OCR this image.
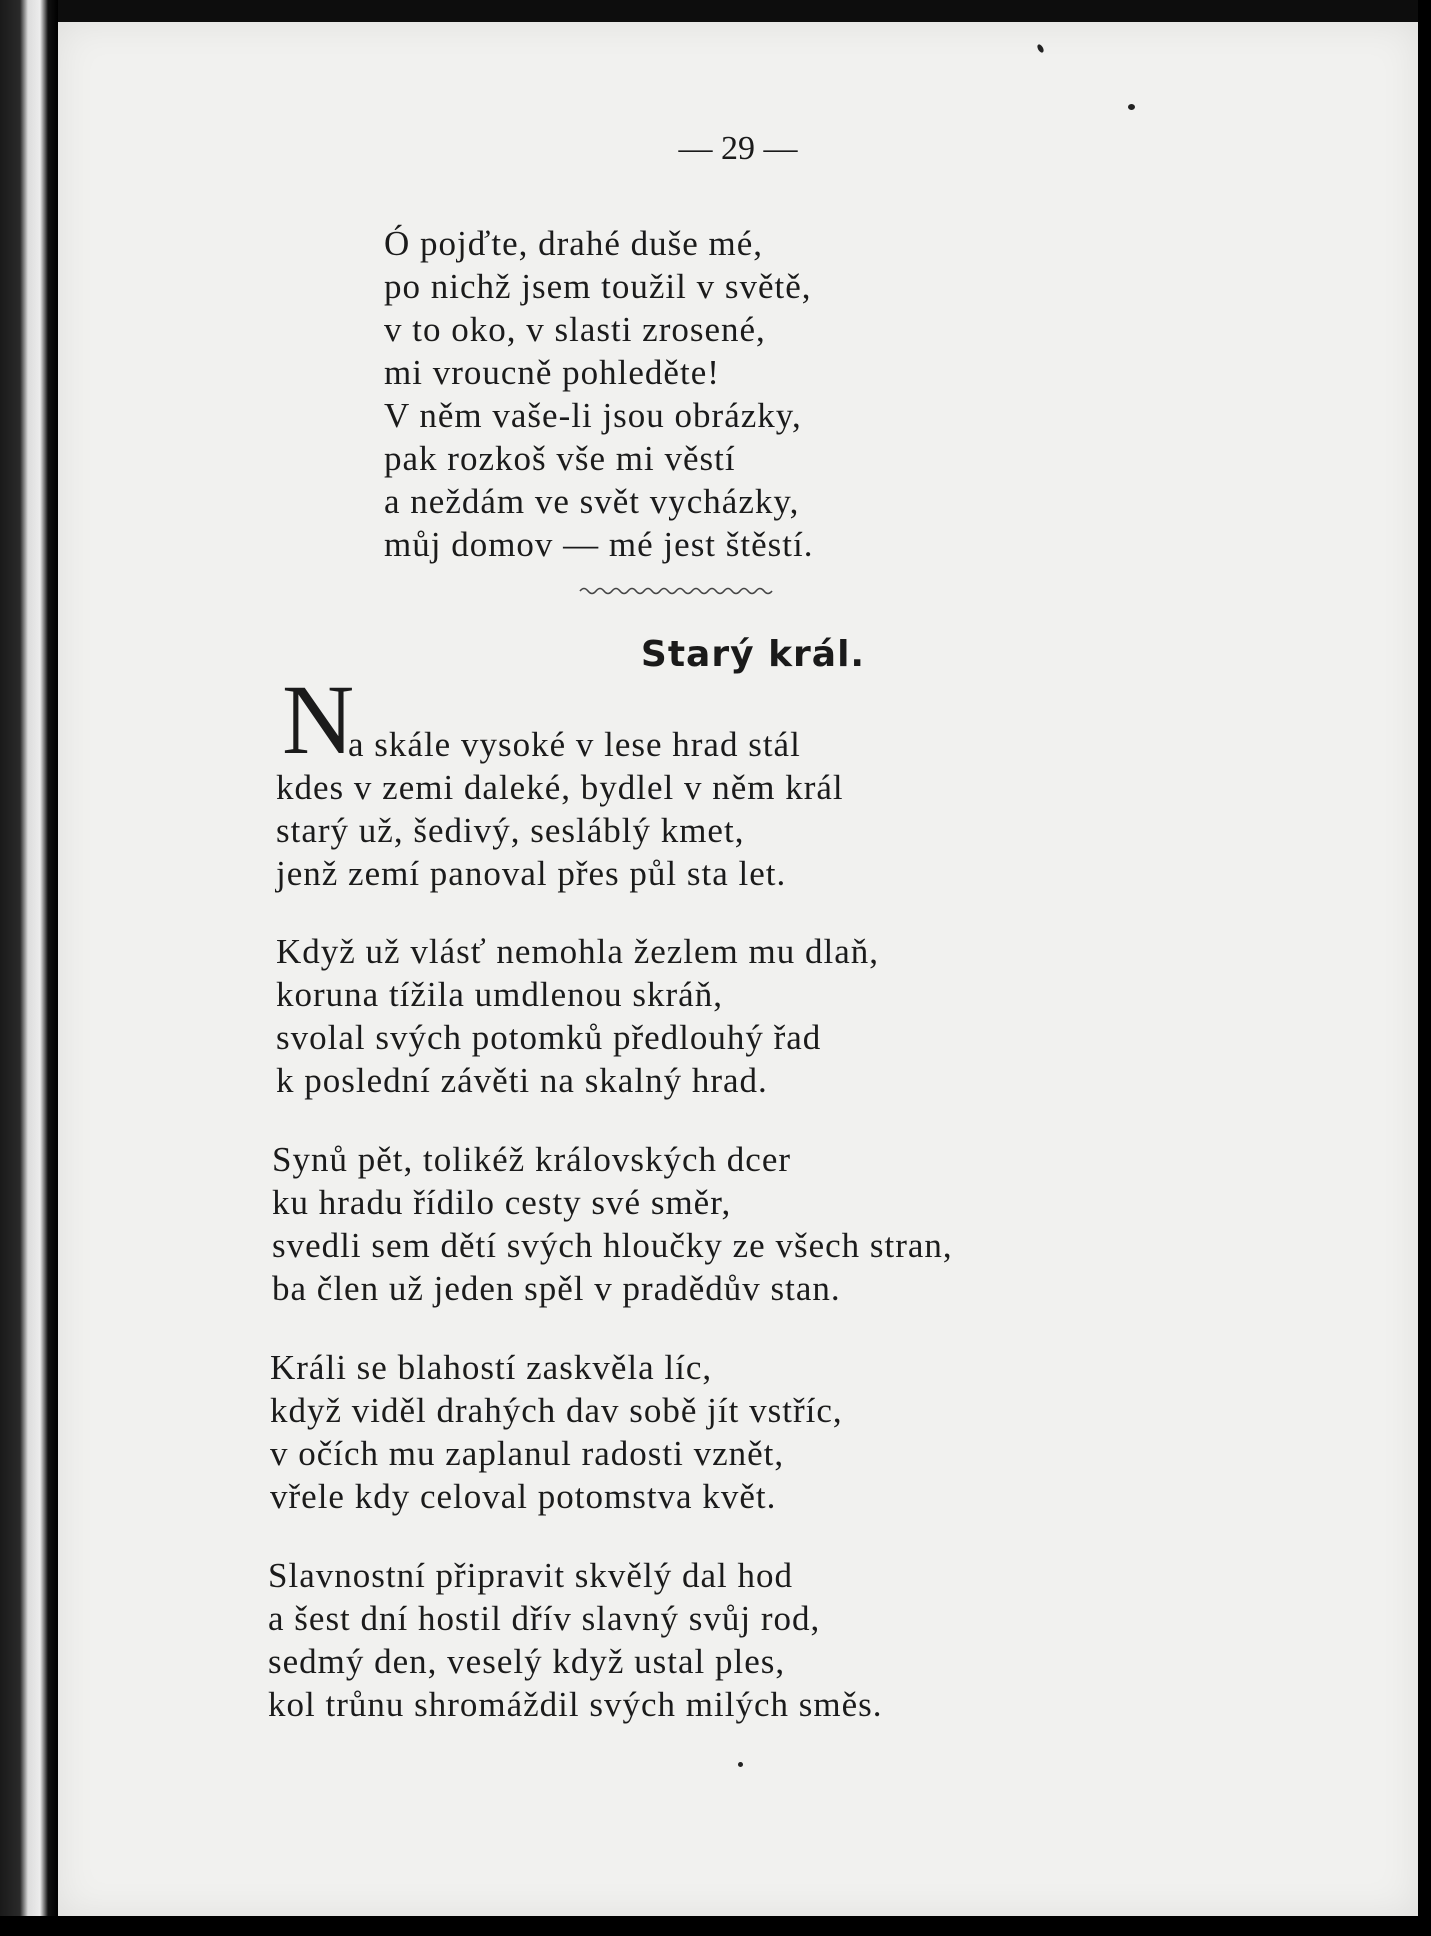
— 29 —
Ó pojďte, drahé duše mé,
po nichž jsem toužil v světě,
v to oko, v slasti zrosené,
mi vroucně pohleděte!
V něm vaše-li jsou obrázky,
pak rozkoš vše mi věstí
a neždám ve svět vycházky,
můj domov — mé jest štěstí.
Starý král.
N
a skále vysoké v lese hrad stál
kdes v zemi daleké, bydlel v něm král
starý už, šedivý, sesláblý kmet,
jenž zemí panoval přes půl sta let.
Když už vlásť nemohla žezlem mu dlaň,
koruna tížila umdlenou skráň,
svolal svých potomků předlouhý řad
k poslední závěti na skalný hrad.
Synů pět, tolikéž královských dcer
ku hradu řídilo cesty své směr,
svedli sem dětí svých hloučky ze všech stran,
ba člen už jeden spěl v pradědův stan.
Králi se blahostí zaskvěla líc,
když viděl drahých dav sobě jít vstříc,
v očích mu zaplanul radosti vznět,
vřele kdy celoval potomstva květ.
Slavnostní připravit skvělý dal hod
a šest dní hostil dřív slavný svůj rod,
sedmý den, veselý když ustal ples,
kol trůnu shromáždil svých milých směs.
